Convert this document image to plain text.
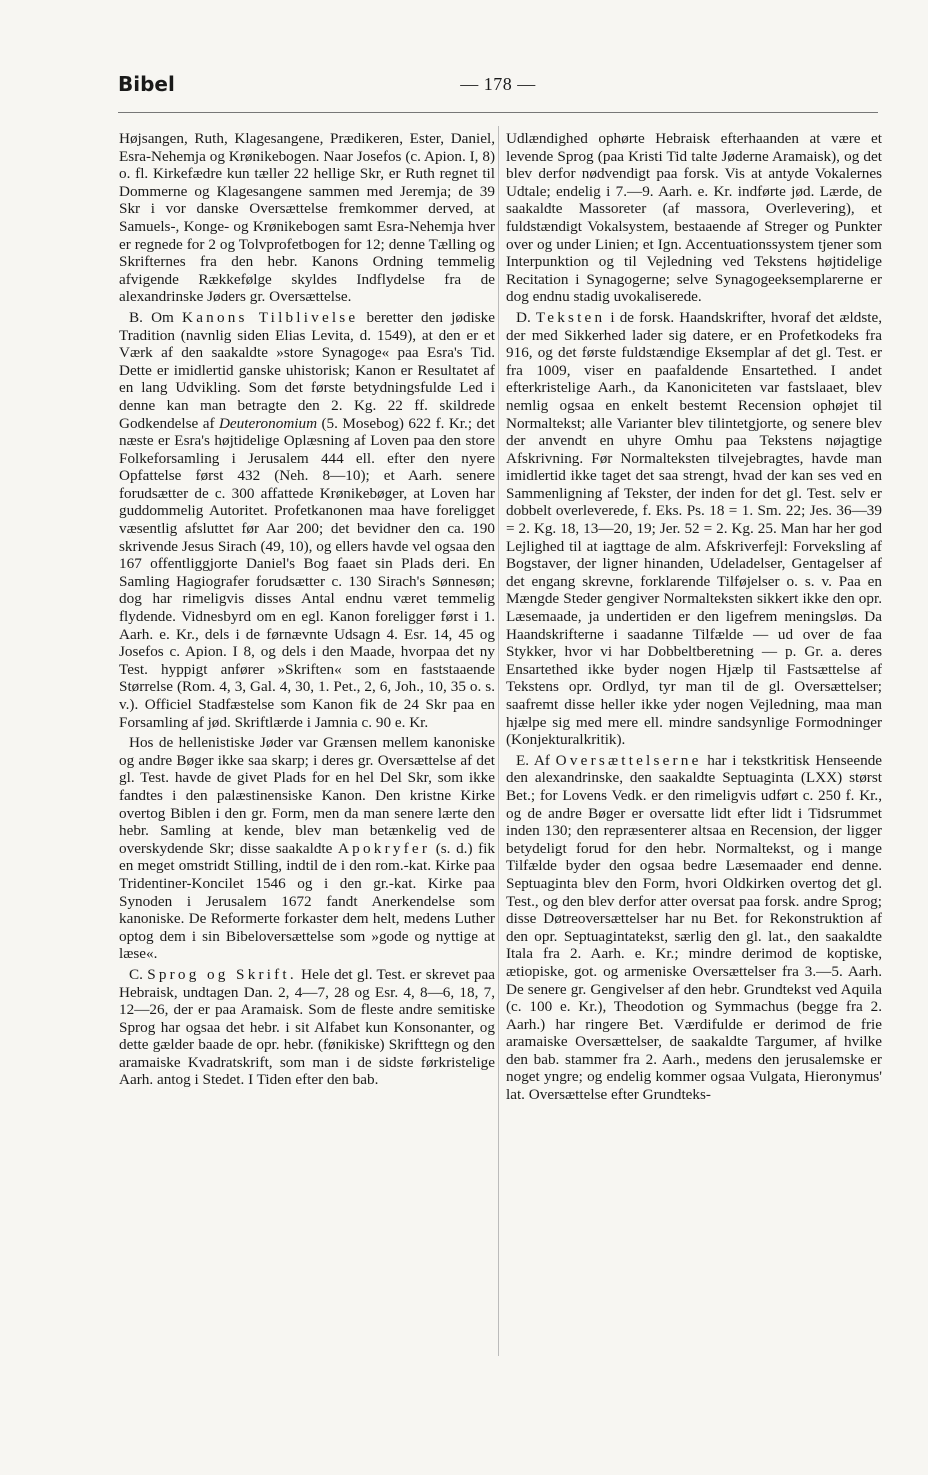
Bibel	— 178 —

Højsangen, Ruth, Klagesangene, Prædikeren, Ester, Daniel, Esra-Nehemja og Krønikebogen. Naar Josefos (c. Apion. I, 8) o. fl. Kirkefædre kun tæller 22 hellige Skr, er Ruth regnet til Dommerne og Klagesangene sammen med Jeremja; de 39 Skr i vor danske Oversættelse fremkommer derved, at Samuels-, Konge- og Krønikebogen samt Esra-Nehemja hver er regnede for 2 og Tolvprofetbogen for 12; denne Tælling og Skrifternes fra den hebr. Kanons Ordning temmelig afvigende Rækkefølge skyldes Indflydelse fra de alexandrinske Jøders gr. Oversættelse.

B. Om Kanons Tilblivelse beretter den jødiske Tradition (navnlig siden Elias Levita, d. 1549), at den er et Værk af den saakaldte »store Synagoge« paa Esra's Tid. Dette er imidlertid ganske uhistorisk; Kanon er Resultatet af en lang Udvikling. Som det første betydningsfulde Led i denne kan man betragte den 2. Kg. 22 ff. skildrede Godkendelse af Deuteronomium (5. Mosebog) 622 f. Kr.; det næste er Esra's højtidelige Oplæsning af Loven paa den store Folkeforsamling i Jerusalem 444 ell. efter den nyere Opfattelse først 432 (Neh. 8—10); et Aarh. senere forudsætter de c. 300 affattede Krønikebøger, at Loven har guddommelig Autoritet. Profetkanonen maa have foreligget væsentlig afsluttet før Aar 200; det bevidner den ca. 190 skrivende Jesus Sirach (49, 10), og ellers havde vel ogsaa den 167 offentliggjorte Daniel's Bog faaet sin Plads deri. En Samling Hagiografer forudsætter c. 130 Sirach's Sønnesøn; dog har rimeligvis disses Antal endnu været temmelig flydende. Vidnesbyrd om en egl. Kanon foreligger først i 1. Aarh. e. Kr., dels i de førnævnte Udsagn 4. Esr. 14, 45 og Josefos c. Apion. I 8, og dels i den Maade, hvorpaa det ny Test. hyppigt anfører »Skriften« som en faststaaende Størrelse (Rom. 4, 3, Gal. 4, 30, 1. Pet., 2, 6, Joh., 10, 35 o. s. v.). Officiel Stadfæstelse som Kanon fik de 24 Skr paa en Forsamling af jød. Skriftlærde i Jamnia c. 90 e. Kr.

Hos de hellenistiske Jøder var Grænsen mellem kanoniske og andre Bøger ikke saa skarp; i deres gr. Oversættelse af det gl. Test. havde de givet Plads for en hel Del Skr, som ikke fandtes i den palæstinensiske Kanon. Den kristne Kirke overtog Biblen i den gr. Form, men da man senere lærte den hebr. Samling at kende, blev man betænkelig ved de overskydende Skr; disse saakaldte Apokryfer (s. d.) fik en meget omstridt Stilling, indtil de i den rom.-kat. Kirke paa Tridentiner-Koncilet 1546 og i den gr.-kat. Kirke paa Synoden i Jerusalem 1672 fandt Anerkendelse som kanoniske. De Reformerte forkaster dem helt, medens Luther optog dem i sin Bibeloversættelse som »gode og nyttige at læse«.

C. Sprog og Skrift. Hele det gl. Test. er skrevet paa Hebraisk, undtagen Dan. 2, 4—7, 28 og Esr. 4, 8—6, 18, 7, 12—26, der er paa Aramaisk. Som de fleste andre semitiske Sprog har ogsaa det hebr. i sit Alfabet kun Konsonanter, og dette gælder baade de opr. hebr. (fønikiske) Skrifttegn og den aramaiske Kvadratskrift, som man i de sidste førkristelige Aarh. antog i Stedet. I Tiden efter den bab.

Udlændighed ophørte Hebraisk efterhaanden at være et levende Sprog (paa Kristi Tid talte Jøderne Aramaisk), og det blev derfor nødvendigt paa forsk. Vis at antyde Vokalernes Udtale; endelig i 7.—9. Aarh. e. Kr. indførte jød. Lærde, de saakaldte Massoreter (af massora, Overlevering), et fuldstændigt Vokalsystem, bestaaende af Streger og Punkter over og under Linien; et Ign. Accentuationssystem tjener som Interpunktion og til Vejledning ved Tekstens højtidelige Recitation i Synagogerne; selve Synagogeeksemplarerne er dog endnu stadig uvokaliserede.

D. Teksten i de forsk. Haandskrifter, hvoraf det ældste, der med Sikkerhed lader sig datere, er en Profetkodeks fra 916, og det første fuldstændige Eksemplar af det gl. Test. er fra 1009, viser en paafaldende Ensartethed. I andet efterkristelige Aarh., da Kanoniciteten var fastslaaet, blev nemlig ogsaa en enkelt bestemt Recension ophøjet til Normaltekst; alle Varianter blev tilintetgjorte, og senere blev der anvendt en uhyre Omhu paa Tekstens nøjagtige Afskrivning. Før Normalteksten tilvejebragtes, havde man imidlertid ikke taget det saa strengt, hvad der kan ses ved en Sammenligning af Tekster, der inden for det gl. Test. selv er dobbelt overleverede, f. Eks. Ps. 18 = 1. Sm. 22; Jes. 36—39 = 2. Kg. 18, 13—20, 19; Jer. 52 = 2. Kg. 25. Man har her god Lejlighed til at iagttage de alm. Afskriverfejl: Forveksling af Bogstaver, der ligner hinanden, Udeladelser, Gentagelser af det engang skrevne, forklarende Tilføjelser o. s. v. Paa en Mængde Steder gengiver Normalteksten sikkert ikke den opr. Læsemaade, ja undertiden er den ligefrem meningsløs. Da Haandskrifterne i saadanne Tilfælde — ud over de faa Stykker, hvor vi har Dobbeltberetning — p. Gr. a. deres Ensartethed ikke byder nogen Hjælp til Fastsættelse af Tekstens opr. Ordlyd, tyr man til de gl. Oversættelser; saafremt disse heller ikke yder nogen Vejledning, maa man hjælpe sig med mere ell. mindre sandsynlige Formodninger (Konjekturalkritik).

E. Af Oversættelserne har i tekstkritisk Henseende den alexandrinske, den saakaldte Septuaginta (LXX) størst Bet.; for Lovens Vedk. er den rimeligvis udført c. 250 f. Kr., og de andre Bøger er oversatte lidt efter lidt i Tidsrummet inden 130; den repræsenterer altsaa en Recension, der ligger betydeligt forud for den hebr. Normaltekst, og i mange Tilfælde byder den ogsaa bedre Læsemaader end denne. Septuaginta blev den Form, hvori Oldkirken overtog det gl. Test., og den blev derfor atter oversat paa forsk. andre Sprog; disse Døtreoversættelser har nu Bet. for Rekonstruktion af den opr. Septuagintatekst, særlig den gl. lat., den saakaldte Itala fra 2. Aarh. e. Kr.; mindre derimod de koptiske, ætiopiske, got. og armeniske Oversættelser fra 3.—5. Aarh. De senere gr. Gengivelser af den hebr. Grundtekst ved Aquila (c. 100 e. Kr.), Theodotion og Symmachus (begge fra 2. Aarh.) har ringere Bet. Værdifulde er derimod de frie aramaiske Oversættelser, de saakaldte Targumer, af hvilke den bab. stammer fra 2. Aarh., medens den jerusalemske er noget yngre; og endelig kommer ogsaa Vulgata, Hieronymus' lat. Oversættelse efter Grundteks-
